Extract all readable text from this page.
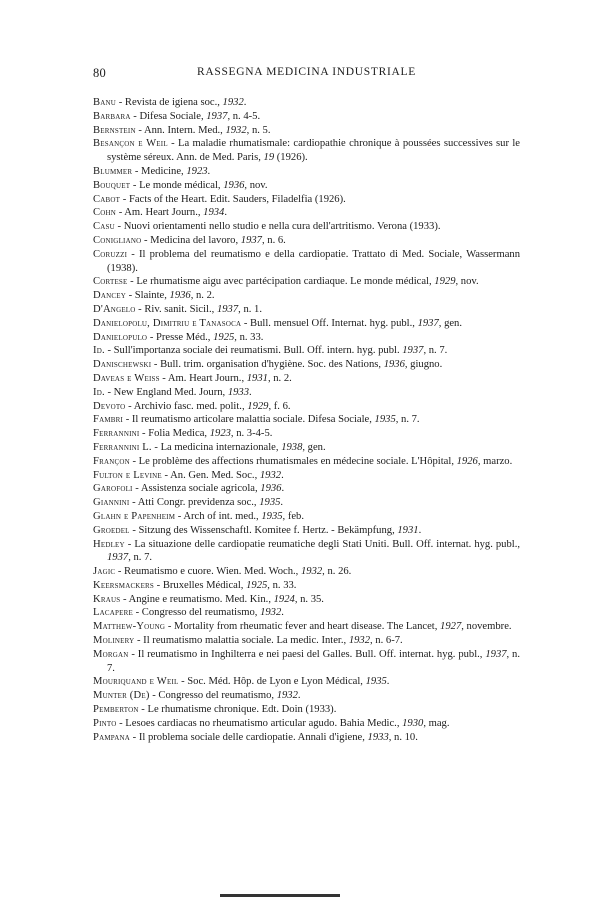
80	RASSEGNA MEDICINA INDUSTRIALE
Banu - Revista de igiena soc., 1932.
Barbara - Difesa Sociale, 1937, n. 4-5.
Bernstein - Ann. Intern. Med., 1932, n. 5.
Besançon e Weil - La maladie rhumatismale: cardiopathie chronique à poussées successives sur le système séreux. Ann. de Med. Paris, 19 (1926).
Blummer - Medicine, 1923.
Bouquet - Le monde médical, 1936, nov.
Cabot - Facts of the Heart. Edit. Sauders, Filadelfia (1926).
Cohn - Am. Heart Journ., 1934.
Casu - Nuovi orientamenti nello studio e nella cura dell'artritismo. Verona (1933).
Conigliano - Medicina del lavoro, 1937, n. 6.
Coruzzi - Il problema del reumatismo e della cardiopatie. Trattato di Med. Sociale, Wassermann (1938).
Cortese - Le rhumatisme aigu avec partécipation cardiaque. Le monde médical, 1929, nov.
Dancey - Slainte, 1936, n. 2.
D'Angelo - Riv. sanit. Sicil., 1937, n. 1.
Danielopolu, Dimitriu e Tanasoca - Bull. mensuel Off. Internat. hyg. publ., 1937, gen.
Danielopulo - Presse Méd., 1925, n. 33.
Id. - Sull'importanza sociale dei reumatismi. Bull. Off. intern. hyg. publ. 1937, n. 7.
Danischewski - Bull. trim. organisation d'hygiène. Soc. des Nations, 1936, giugno.
Daveas e Weiss - Am. Heart Journ., 1931, n. 2.
Id. - New England Med. Journ, 1933.
Devoto - Archivio fasc. med. polit., 1929, f. 6.
Fambri - Il reumatismo articolare malattia sociale. Difesa Sociale, 1935, n. 7.
Ferrannini - Folia Medica, 1923, n. 3-4-5.
Ferrannini L. - La medicina internazionale, 1938, gen.
Françon - Le problème des affections rhumatismales en médecine sociale. L'Hôpital, 1926, marzo.
Fulton e Levine - An. Gen. Med. Soc., 1932.
Garofoli - Assistenza sociale agricola, 1936.
Giannini - Atti Congr. previdenza soc., 1935.
Glahn e Papenheim - Arch of int. med., 1935, feb.
Groedel - Sitzung des Wissenschaftl. Komitee f. Hertz. - Bekämpfung, 1931.
Hedley - La situazione delle cardiopatie reumatiche degli Stati Uniti. Bull. Off. internat. hyg. publ., 1937, n. 7.
Jagic - Reumatismo e cuore. Wien. Med. Woch., 1932, n. 26.
Keersmackers - Bruxelles Médical, 1925, n. 33.
Kraus - Angine e reumatismo. Med. Kin., 1924, n. 35.
Lacapere - Congresso del reumatismo, 1932.
Matthew-Young - Mortality from rheumatic fever and heart disease. The Lancet, 1927, novembre.
Molinery - Il reumatismo malattia sociale. La medic. Inter., 1932, n. 6-7.
Morgan - Il reumatismo in Inghilterra e nei paesi del Galles. Bull. Off. internat. hyg. publ., 1937, n. 7.
Mouriquand e Weil - Soc. Méd. Hôp. de Lyon e Lyon Médical, 1935.
Munter (De) - Congresso del reumatismo, 1932.
Pemberton - Le rhumatisme chronique. Edt. Doin (1933).
Pinto - Lesoes cardiacas no rheumatismo articular agudo. Bahia Medic., 1930, mag.
Pampana - Il problema sociale delle cardiopatie. Annali d'igiene, 1933, n. 10.
